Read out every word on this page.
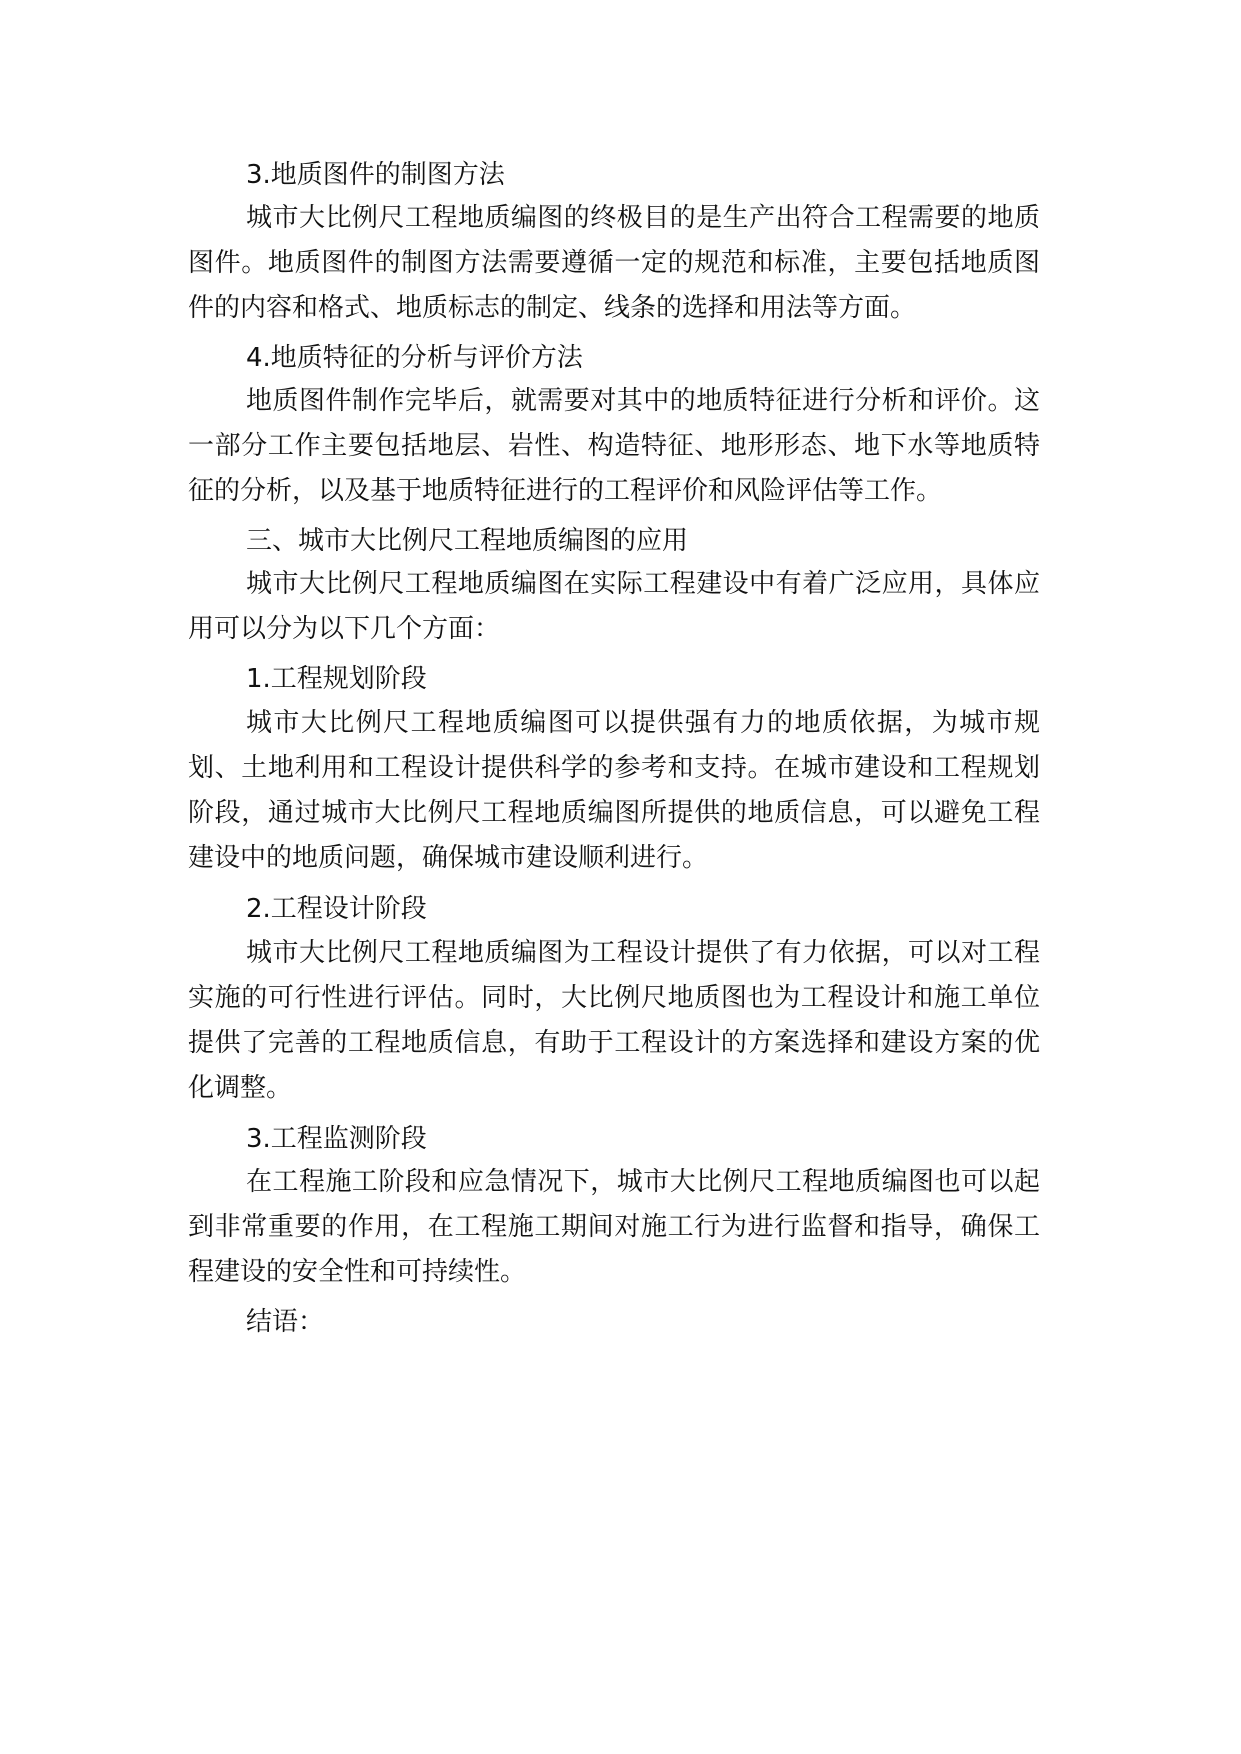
3.地质图件的制图方法

城市大比例尺工程地质编图的终极目的是生产出符合工程需要的地质图件。地质图件的制图方法需要遵循一定的规范和标准，主要包括地质图件的内容和格式、地质标志的制定、线条的选择和用法等方面。

4.地质特征的分析与评价方法

地质图件制作完毕后，就需要对其中的地质特征进行分析和评价。这一部分工作主要包括地层、岩性、构造特征、地形形态、地下水等地质特征的分析，以及基于地质特征进行的工程评价和风险评估等工作。

三、城市大比例尺工程地质编图的应用

城市大比例尺工程地质编图在实际工程建设中有着广泛应用，具体应用可以分为以下几个方面：

1.工程规划阶段

城市大比例尺工程地质编图可以提供强有力的地质依据，为城市规划、土地利用和工程设计提供科学的参考和支持。在城市建设和工程规划阶段，通过城市大比例尺工程地质编图所提供的地质信息，可以避免工程建设中的地质问题，确保城市建设顺利进行。

2.工程设计阶段

城市大比例尺工程地质编图为工程设计提供了有力依据，可以对工程实施的可行性进行评估。同时，大比例尺地质图也为工程设计和施工单位提供了完善的工程地质信息，有助于工程设计的方案选择和建设方案的优化调整。

3.工程监测阶段

在工程施工阶段和应急情况下，城市大比例尺工程地质编图也可以起到非常重要的作用，在工程施工期间对施工行为进行监督和指导，确保工程建设的安全性和可持续性。

结语：
